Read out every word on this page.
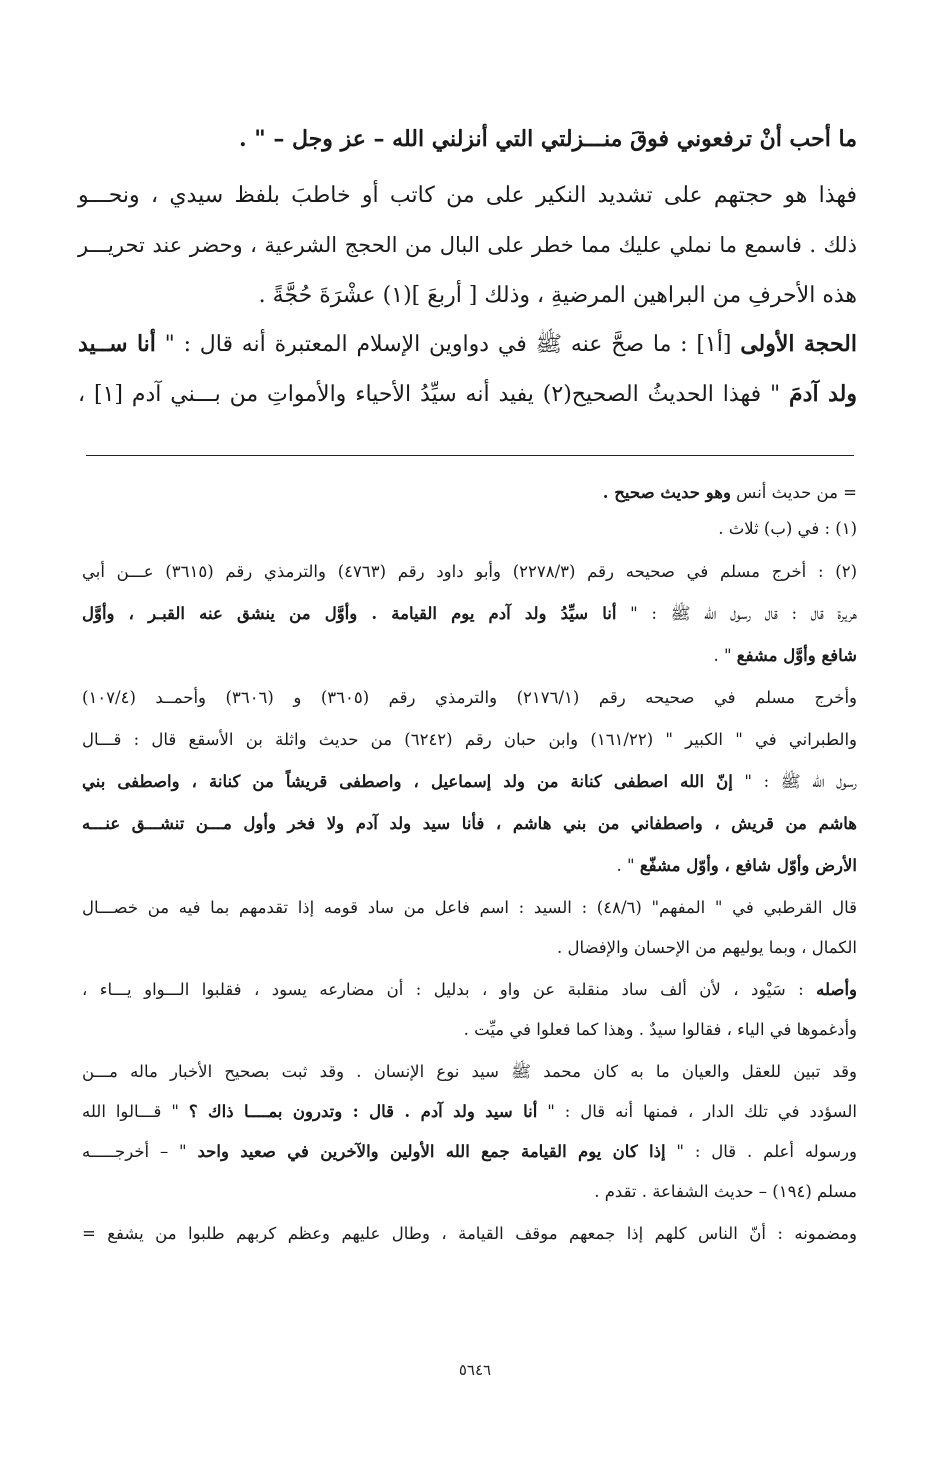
ما أحب أنْ ترفعوني فوقَ منـــزلتي التي أنزلني الله – عز وجل – " .
فهذا هو حجتهم على تشديد النكير على من كاتب أو خاطبَ بلفظ سيدي ، ونحـــو
ذلك . فاسمع ما نملي عليك مما خطر على البال من الحجج الشرعية ، وحضر عند تحريـــر
هذه الأحرفِ من البراهين المرضيةِ ، وذلك [ أربعَ ](١) عشْرَةَ حُجَّةً .
الحجة الأولى [أ١] : ما صحَّ عنه ﷺ في دواوين الإسلام المعتبرة أنه قال : " أنا ســيد
ولد آدمَ " فهذا الحديثُ الصحيح(٢) يفيد أنه سيِّدُ الأحياء والأمواتِ من بـــني آدم [١] ،
= من حديث أنس وهو حديث صحيح .
(١) : في (ب) ثلاث .
(٢) : أخرج مسلم في صحيحه رقم (٢٢٧٨/٣) وأبو داود رقم (٤٧٦٣) والترمذي رقم (٣٦١٥) عـــن أبي
هريرة قال : قال رسول الله ﷺ : " أنا سيِّدُ ولد آدم يوم القيامة . وأوَّل من ينشق عنه القبـر ، وأوَّل
شافع وأوَّل مشفع " .
وأخرج مسلم في صحيحه رقم (٢١٧٦/١) والترمذي رقم (٣٦٠٥) و (٣٦٠٦) وأحمــد (١٠٧/٤)
والطبراني في " الكبير " (١٦١/٢٢) وابن حبان رقم (٦٢٤٢) من حديث واثلة بن الأسقع قال : قـــال
رسول الله ﷺ : " إنّ الله اصطفى كنانة من ولد إسماعيل ، واصطفى قريشاً من كنانة ، واصطفى بني
هاشم من قريش ، واصطفاني من بني هاشم ، فأنا سيد ولد آدم ولا فخر وأول مـــن تنشـــق عنـــه
الأرض وأوّل شافع ، وأوّل مشفّع " .
قال القرطبي في " المفهم" (٤٨/٦) : السيد : اسم فاعل من ساد قومه إذا تقدمهم بما فيه من خصـــال
الكمال ، وبما يوليهم من الإحسان والإفضال .
وأصله : سَيْود ، لأن ألف ساد منقلبة عن واو ، بدليل : أن مضارعه يسود ، فقلبوا الـــواو يـــاء ،
وأدغموها في الياء ، فقالوا سيدٌ . وهذا كما فعلوا في ميِّت .
وقد تبين للعقل والعيان ما به كان محمد ﷺ سيد نوع الإنسان . وقد ثبت بصحيح الأخبار ماله مـــن
السؤدد في تلك الدار ، فمنها أنه قال : " أنا سيد ولد آدم . قال : وتدرون بمــــا ذاك ؟ " قـــالوا الله
ورسوله أعلم . قال : " إذا كان يوم القيامة جمع الله الأولين والآخرين في صعيد واحد " – أخرجـــــه
مسلم (١٩٤) – حديث الشفاعة . تقدم .
ومضمونه : أنّ الناس كلهم إذا جمعهم موقف القيامة ، وطال عليهم وعظم كربهم طلبوا من يشفع =
٥٦٤٦
